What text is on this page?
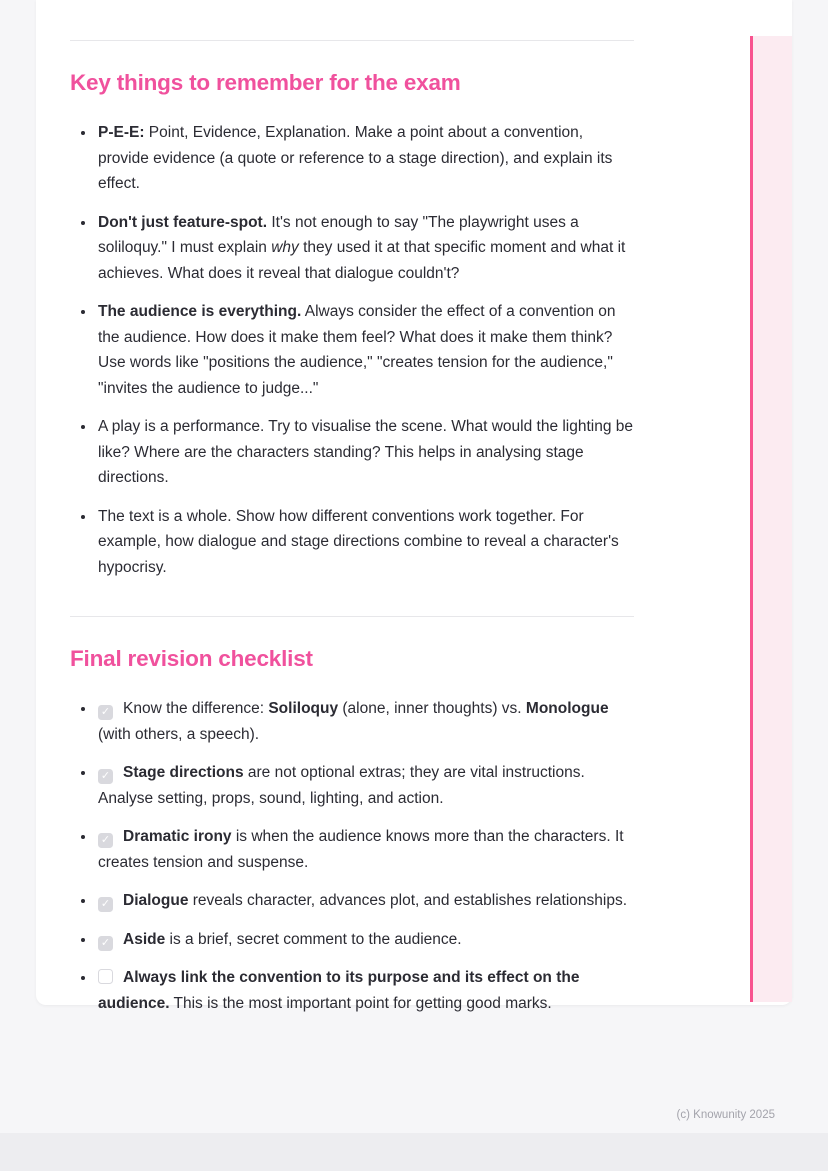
Key things to remember for the exam
• P-E-E: Point, Evidence, Explanation. Make a point about a convention, provide evidence (a quote or reference to a stage direction), and explain its effect.
• Don't just feature-spot. It's not enough to say "The playwright uses a soliloquy." I must explain why they used it at that specific moment and what it achieves. What does it reveal that dialogue couldn't?
• The audience is everything. Always consider the effect of a convention on the audience. How does it make them feel? What does it make them think? Use words like "positions the audience," "creates tension for the audience," "invites the audience to judge..."
• A play is a performance. Try to visualise the scene. What would the lighting be like? Where are the characters standing? This helps in analysing stage directions.
• The text is a whole. Show how different conventions work together. For example, how dialogue and stage directions combine to reveal a character's hypocrisy.
Final revision checklist
✓• Know the difference: Soliloquy (alone, inner thoughts) vs. Monologue (with others, a speech).
✓• Stage directions are not optional extras; they are vital instructions. Analyse setting, props, sound, lighting, and action.
✓• Dramatic irony is when the audience knows more than the characters. It creates tension and suspense.
✓• Dialogue reveals character, advances plot, and establishes relationships.
✓• Aside is a brief, secret comment to the audience.
• Always link the convention to its purpose and its effect on the audience. This is the most important point for getting good marks.
(c) Knowunity 2025
